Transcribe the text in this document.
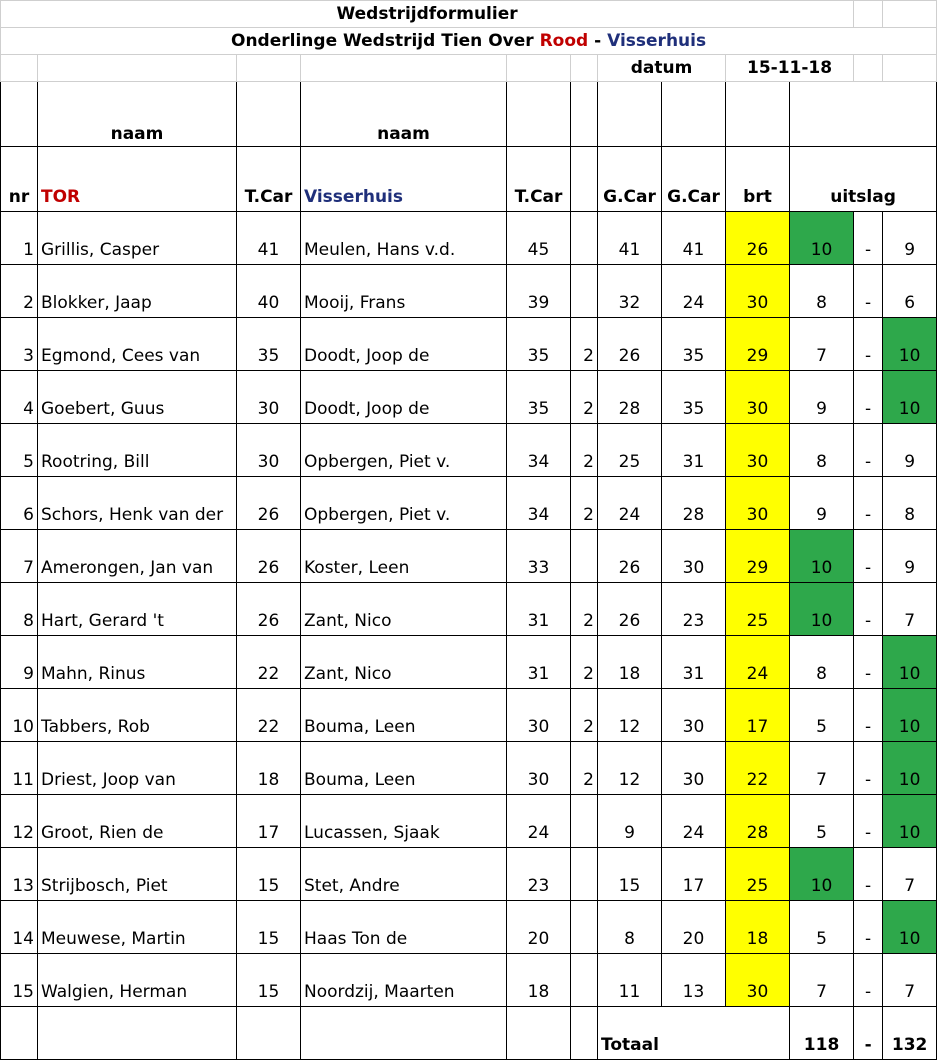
Wedstrijdformulier											
Onderlinge Wedstrijd Tien Over Rood - Visserhuis											
						datum		15-11-18			
	naam		naam								
nr	TOR	T.Car	Visserhuis	T.Car		G.Car	G.Car	brt	uitslag		
1	Grillis, Casper	41	Meulen, Hans v.d.	45		41	41	26	10	-	9
2	Blokker, Jaap	40	Mooij, Frans	39		32	24	30	8	-	6
3	Egmond, Cees van	35	Doodt, Joop de	35	2	26	35	29	7	-	10
4	Goebert, Guus	30	Doodt, Joop de	35	2	28	35	30	9	-	10
5	Rootring, Bill	30	Opbergen, Piet v.	34	2	25	31	30	8	-	9
6	Schors, Henk van der	26	Opbergen, Piet v.	34	2	24	28	30	9	-	8
7	Amerongen, Jan van	26	Koster, Leen	33		26	30	29	10	-	9
8	Hart, Gerard 't	26	Zant, Nico	31	2	26	23	25	10	-	7
9	Mahn, Rinus	22	Zant, Nico	31	2	18	31	24	8	-	10
10	Tabbers, Rob	22	Bouma, Leen	30	2	12	30	17	5	-	10
11	Driest, Joop van	18	Bouma, Leen	30	2	12	30	22	7	-	10
12	Groot, Rien de	17	Lucassen, Sjaak	24		9	24	28	5	-	10
13	Strijbosch, Piet	15	Stet, Andre	23		15	17	25	10	-	7
14	Meuwese, Martin	15	Haas Ton de	20		8	20	18	5	-	10
15	Walgien, Herman	15	Noordzij, Maarten	18		11	13	30	7	-	7
						Totaal			118	-	132
